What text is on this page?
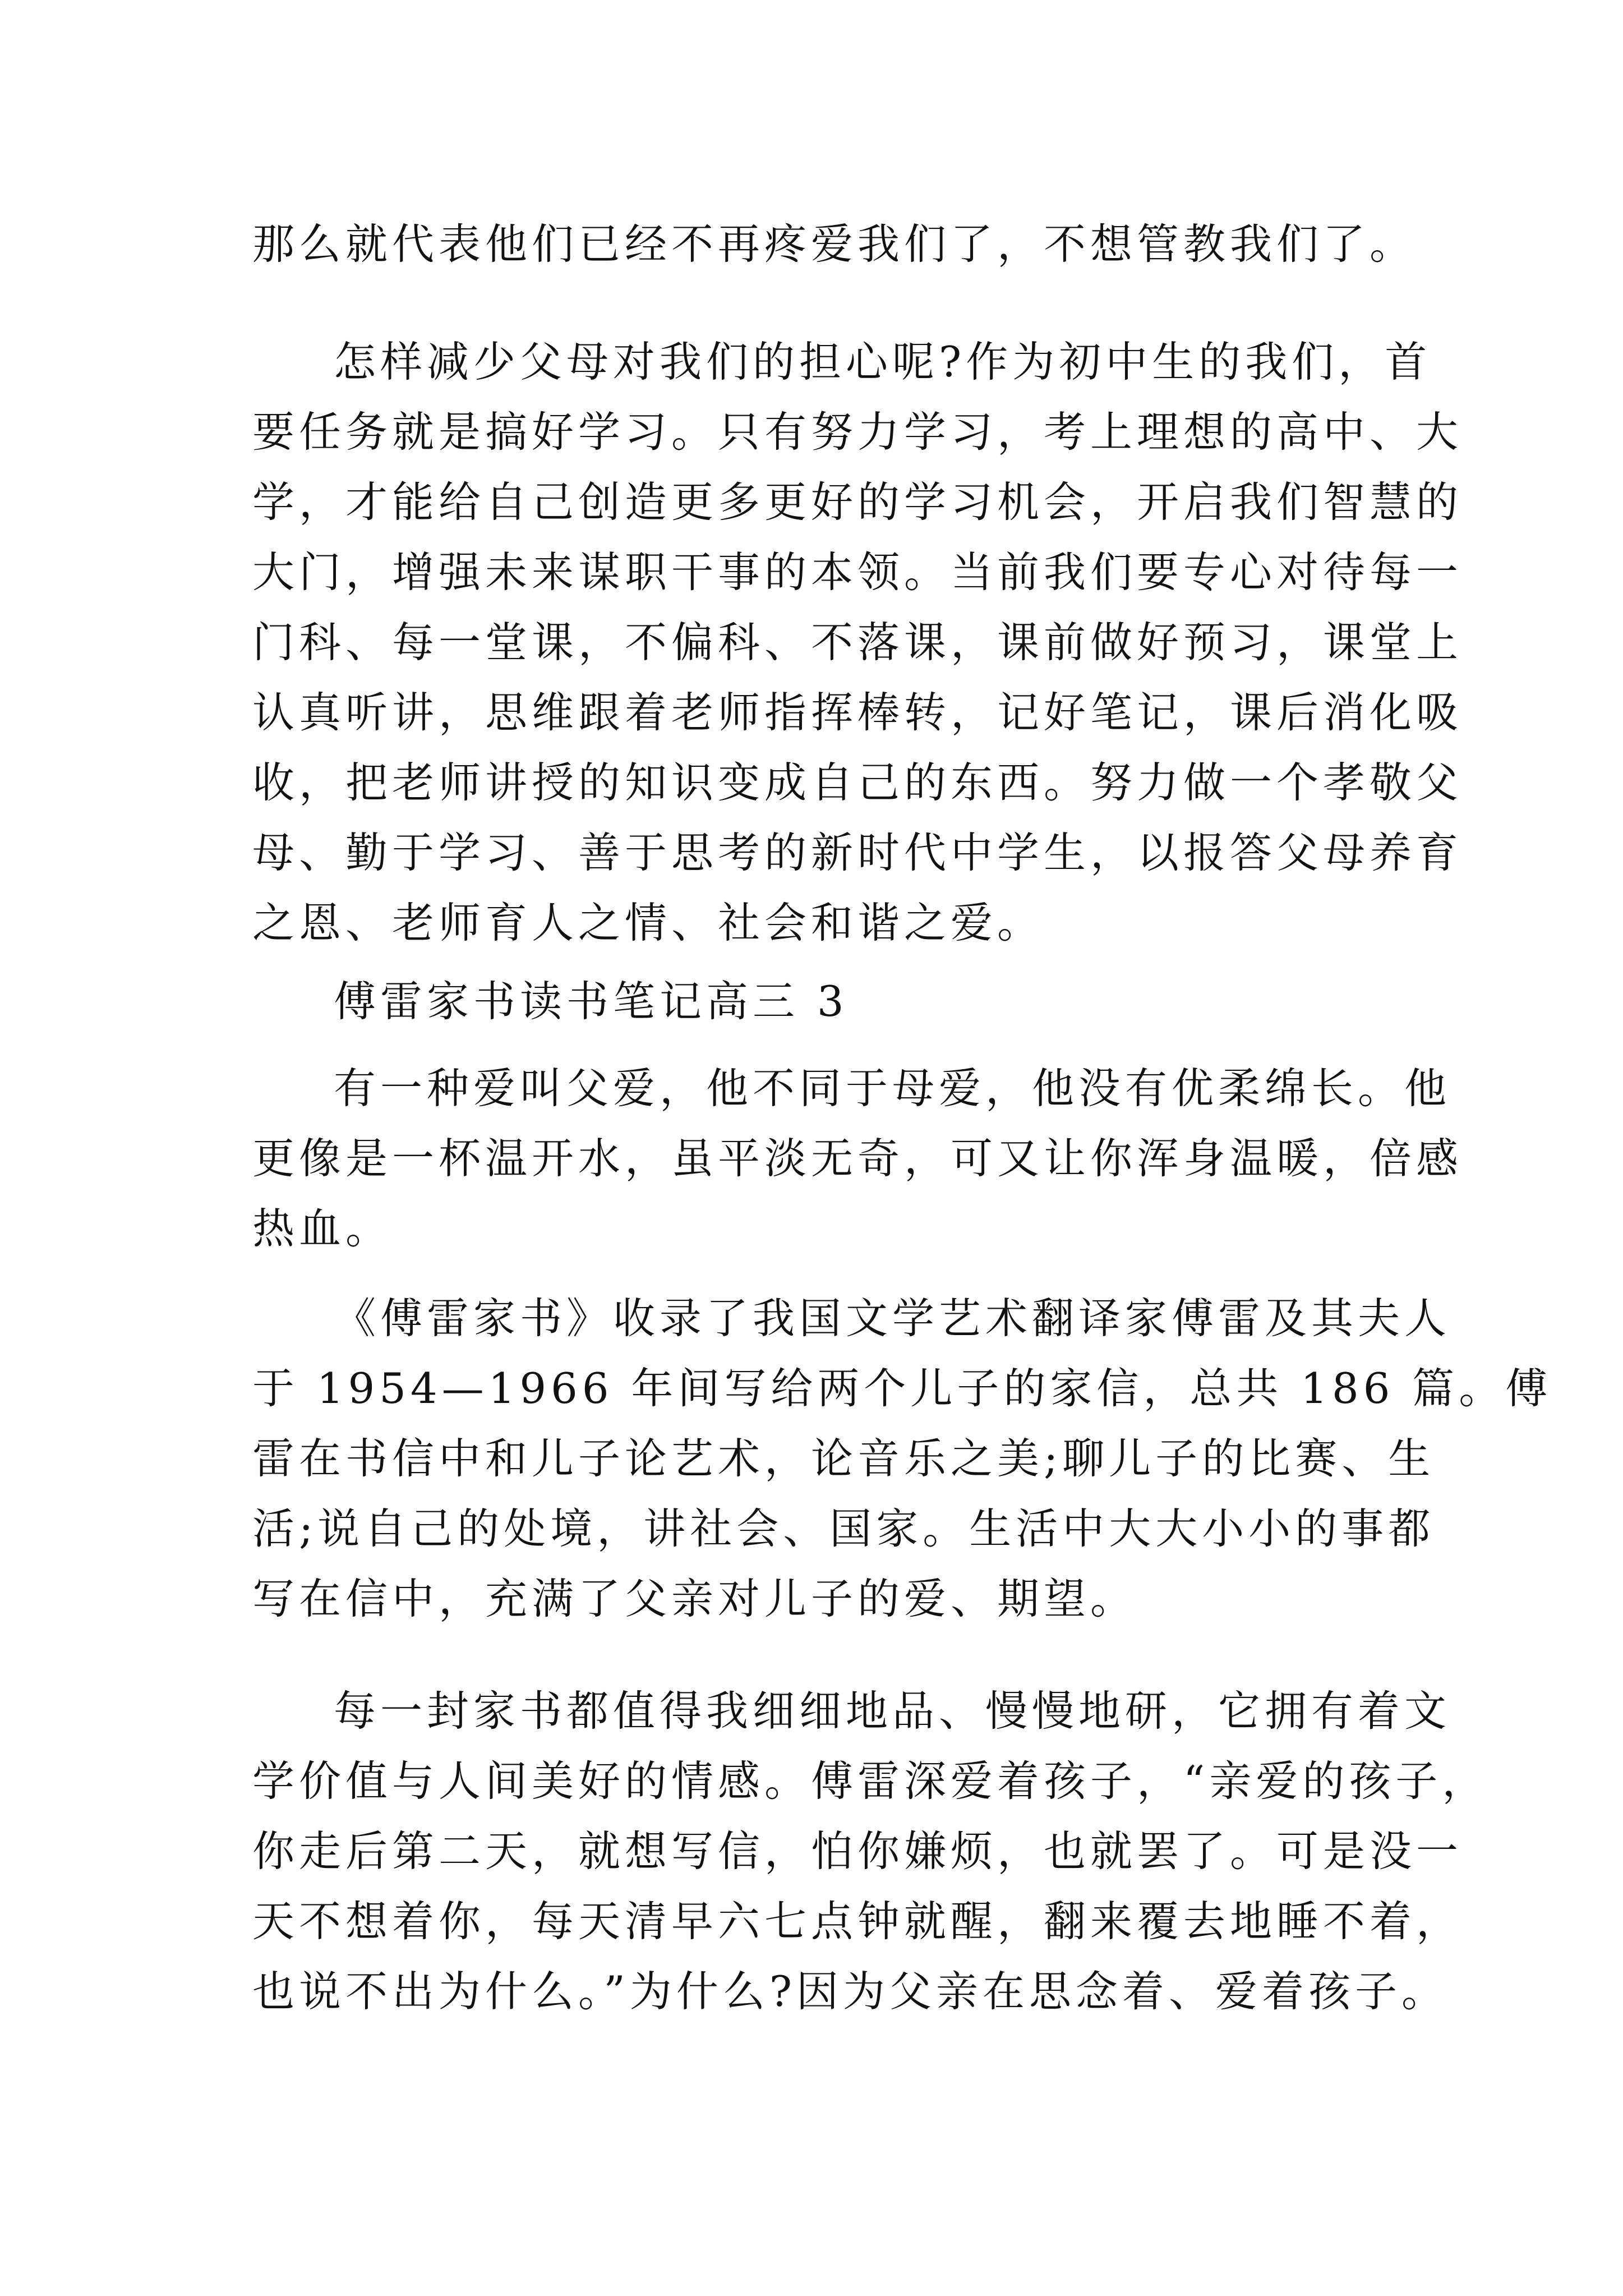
那么就代表他们已经不再疼爱我们了，不想管教我们了。
怎样减少父母对我们的担心呢?作为初中生的我们，首
要任务就是搞好学习。只有努力学习，考上理想的高中、大
学，才能给自己创造更多更好的学习机会，开启我们智慧的
大门，增强未来谋职干事的本领。当前我们要专心对待每一
门科、每一堂课，不偏科、不落课，课前做好预习，课堂上
认真听讲，思维跟着老师指挥棒转，记好笔记，课后消化吸
收，把老师讲授的知识变成自己的东西。努力做一个孝敬父
母、勤于学习、善于思考的新时代中学生，以报答父母养育
之恩、老师育人之情、社会和谐之爱。
傅雷家书读书笔记高三 3
有一种爱叫父爱，他不同于母爱，他没有优柔绵长。他
更像是一杯温开水，虽平淡无奇，可又让你浑身温暖，倍感
热血。
《傅雷家书》收录了我国文学艺术翻译家傅雷及其夫人
于 1954—1966 年间写给两个儿子的家信，总共 186 篇。傅
雷在书信中和儿子论艺术，论音乐之美;聊儿子的比赛、生
活;说自己的处境，讲社会、国家。生活中大大小小的事都
写在信中，充满了父亲对儿子的爱、期望。
每一封家书都值得我细细地品、慢慢地研，它拥有着文
学价值与人间美好的情感。傅雷深爱着孩子，“亲爱的孩子，
你走后第二天，就想写信，怕你嫌烦，也就罢了。可是没一
天不想着你，每天清早六七点钟就醒，翻来覆去地睡不着，
也说不出为什么。”为什么?因为父亲在思念着、爱着孩子。
